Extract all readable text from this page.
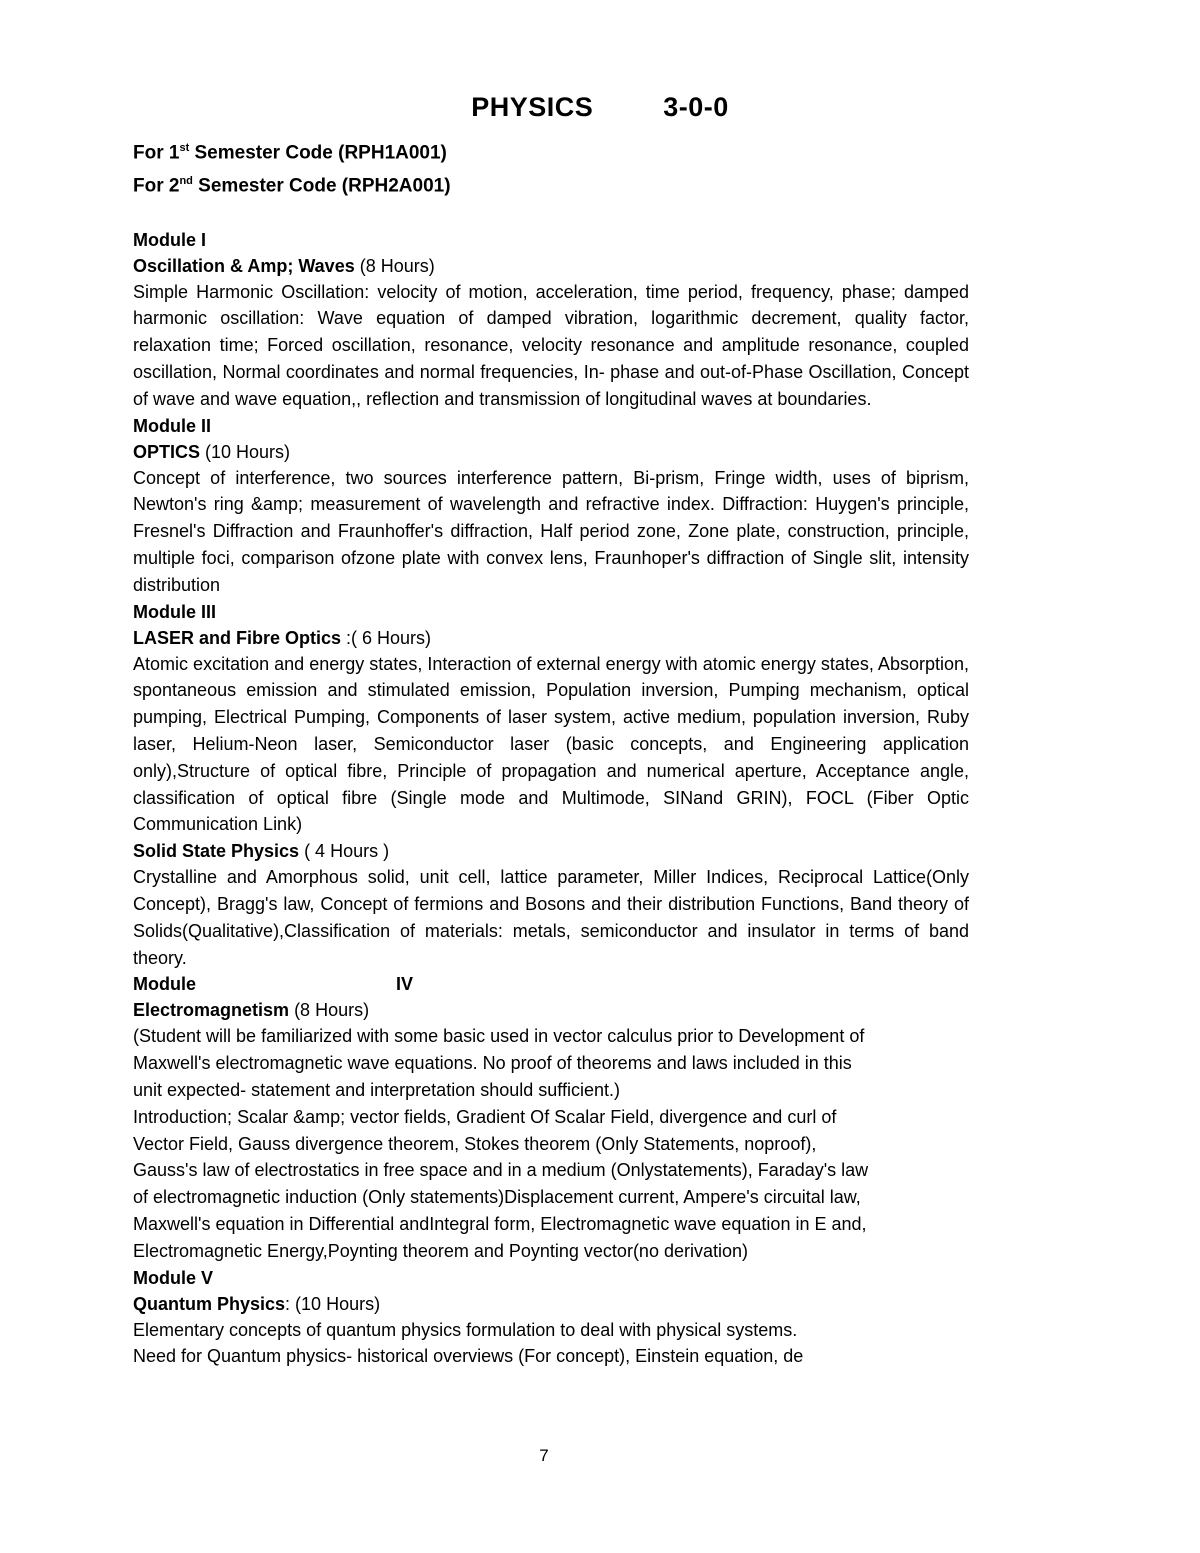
PHYSICS	3-0-0

For 1st Semester Code (RPH1A001)

For 2nd Semester Code (RPH2A001)

Module I

Oscillation & Amp; Waves (8 Hours)

Simple Harmonic Oscillation: velocity of motion, acceleration, time period, frequency, phase; damped harmonic oscillation: Wave equation of damped vibration, logarithmic decrement, quality factor, relaxation time; Forced oscillation, resonance, velocity resonance and amplitude resonance, coupled oscillation, Normal coordinates and normal frequencies, In- phase and out-of-Phase Oscillation, Concept of wave and wave equation,, reflection and transmission of longitudinal waves at boundaries.

Module II

OPTICS (10 Hours)

Concept of interference, two sources interference pattern, Bi-prism, Fringe width, uses of biprism, Newton's ring &amp; measurement of wavelength and refractive index. Diffraction: Huygen's principle, Fresnel's Diffraction and Fraunhoffer's diffraction, Half period zone, Zone plate, construction, principle, multiple foci, comparison ofzone plate with convex lens, Fraunhoper's diffraction of Single slit, intensity distribution

Module III

LASER and Fibre Optics :( 6 Hours)

Atomic excitation and energy states, Interaction of external energy with atomic energy states, Absorption, spontaneous emission and stimulated emission, Population inversion, Pumping mechanism, optical pumping, Electrical Pumping, Components of laser system, active medium, population inversion, Ruby laser, Helium-Neon laser, Semiconductor laser (basic concepts, and Engineering application only),Structure of optical fibre, Principle of propagation and numerical aperture, Acceptance angle, classification of optical fibre (Single mode and Multimode, SINand GRIN), FOCL (Fiber Optic Communication Link)

Solid State Physics ( 4 Hours )

Crystalline and Amorphous solid, unit cell, lattice parameter, Miller Indices, Reciprocal Lattice(Only Concept), Bragg's law, Concept of fermions and Bosons and their distribution Functions, Band theory of Solids(Qualitative),Classification of materials: metals, semiconductor and insulator in terms of band theory.

Module	IV

Electromagnetism (8 Hours)

(Student will be familiarized with some basic used in vector calculus prior to Development of

Maxwell's electromagnetic wave equations. No proof of theorems and laws included in this

unit expected- statement and interpretation should sufficient.)

Introduction; Scalar &amp; vector fields, Gradient Of Scalar Field, divergence and curl of

Vector Field, Gauss divergence theorem, Stokes theorem (Only Statements, noproof),

Gauss's law of electrostatics in free space and in a medium (Onlystatements), Faraday's law

of electromagnetic induction (Only statements)Displacement current, Ampere's circuital law,

Maxwell's equation in Differential andIntegral form, Electromagnetic wave equation in E and,

Electromagnetic Energy,Poynting theorem and Poynting vector(no derivation)

Module V

Quantum Physics: (10 Hours)

Elementary concepts of quantum physics formulation to deal with physical systems.

Need for Quantum physics- historical overviews (For concept), Einstein equation, de

7
